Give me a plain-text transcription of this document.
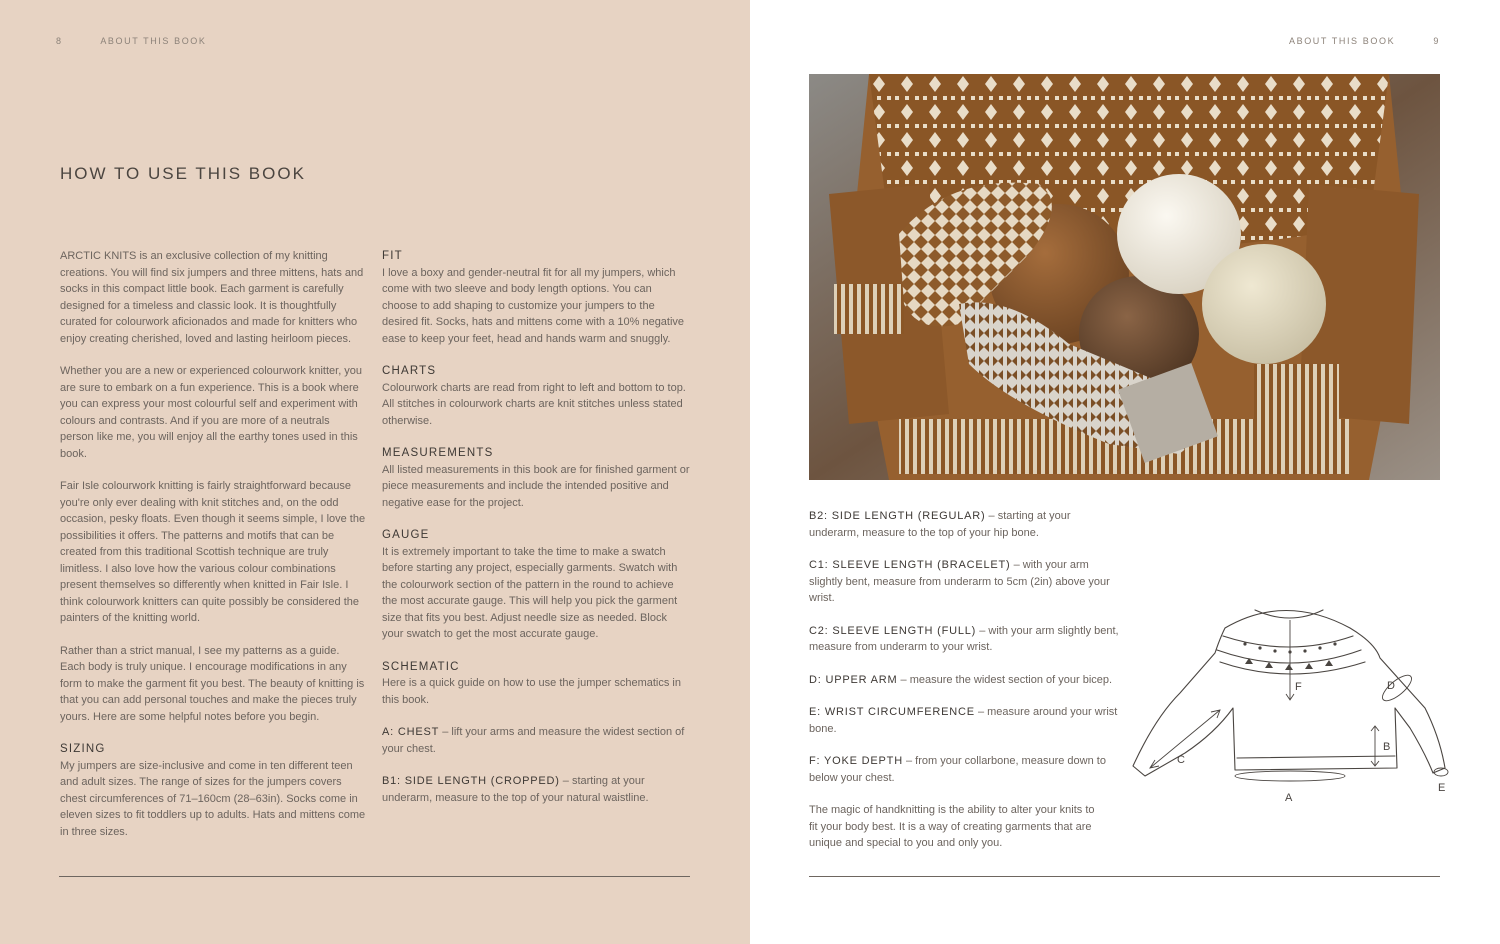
8	ABOUT THIS BOOK
HOW TO USE THIS BOOK

ARCTIC KNITS is an exclusive collection of my knitting creations. You will find six jumpers and three mittens, hats and socks in this compact little book. Each garment is carefully designed for a timeless and classic look. It is thoughtfully curated for colourwork aficionados and made for knitters who enjoy creating cherished, loved and lasting heirloom pieces.

Whether you are a new or experienced colourwork knitter, you are sure to embark on a fun experience. This is a book where you can express your most colourful self and experiment with colours and contrasts. And if you are more of a neutrals person like me, you will enjoy all the earthy tones used in this book.

Fair Isle colourwork knitting is fairly straightforward because you're only ever dealing with knit stitches and, on the odd occasion, pesky floats. Even though it seems simple, I love the possibilities it offers. The patterns and motifs that can be created from this traditional Scottish technique are truly limitless. I also love how the various colour combinations present themselves so differently when knitted in Fair Isle. I think colourwork knitters can quite possibly be considered the painters of the knitting world.

Rather than a strict manual, I see my patterns as a guide. Each body is truly unique. I encourage modifications in any form to make the garment fit you best. The beauty of knitting is that you can add personal touches and make the pieces truly yours. Here are some helpful notes before you begin.

SIZING
My jumpers are size-inclusive and come in ten different teen and adult sizes. The range of sizes for the jumpers covers chest circumferences of 71–160cm (28–63in). Socks come in eleven sizes to fit toddlers up to adults. Hats and mittens come in three sizes.
FIT
I love a boxy and gender-neutral fit for all my jumpers, which come with two sleeve and body length options. You can choose to add shaping to customize your jumpers to the desired fit. Socks, hats and mittens come with a 10% negative ease to keep your feet, head and hands warm and snuggly.
CHARTS
Colourwork charts are read from right to left and bottom to top. All stitches in colourwork charts are knit stitches unless stated otherwise.
MEASUREMENTS
All listed measurements in this book are for finished garment or piece measurements and include the intended positive and negative ease for the project.
GAUGE
It is extremely important to take the time to make a swatch before starting any project, especially garments. Swatch with the colourwork section of the pattern in the round to achieve the most accurate gauge. This will help you pick the garment size that fits you best. Adjust needle size as needed. Block your swatch to get the most accurate gauge.
SCHEMATIC
Here is a quick guide on how to use the jumper schematics in this book.
A: CHEST – lift your arms and measure the widest section of your chest.
B1: SIDE LENGTH (CROPPED) – starting at your underarm, measure to the top of your natural waistline.
ABOUT THIS BOOK	9
B2: SIDE LENGTH (REGULAR) – starting at your underarm, measure to the top of your hip bone.
C1: SLEEVE LENGTH (BRACELET) – with your arm slightly bent, measure from underarm to 5cm (2in) above your wrist.
C2: SLEEVE LENGTH (FULL) – with your arm slightly bent, measure from underarm to your wrist.
D: UPPER ARM – measure the widest section of your bicep.
E: WRIST CIRCUMFERENCE – measure around your wrist bone.
F: YOKE DEPTH – from your collarbone, measure down to below your chest.

The magic of handknitting is the ability to alter your knits to fit your body best. It is a way of creating garments that are unique and special to you and only you.

F
B
C
A
D
E
